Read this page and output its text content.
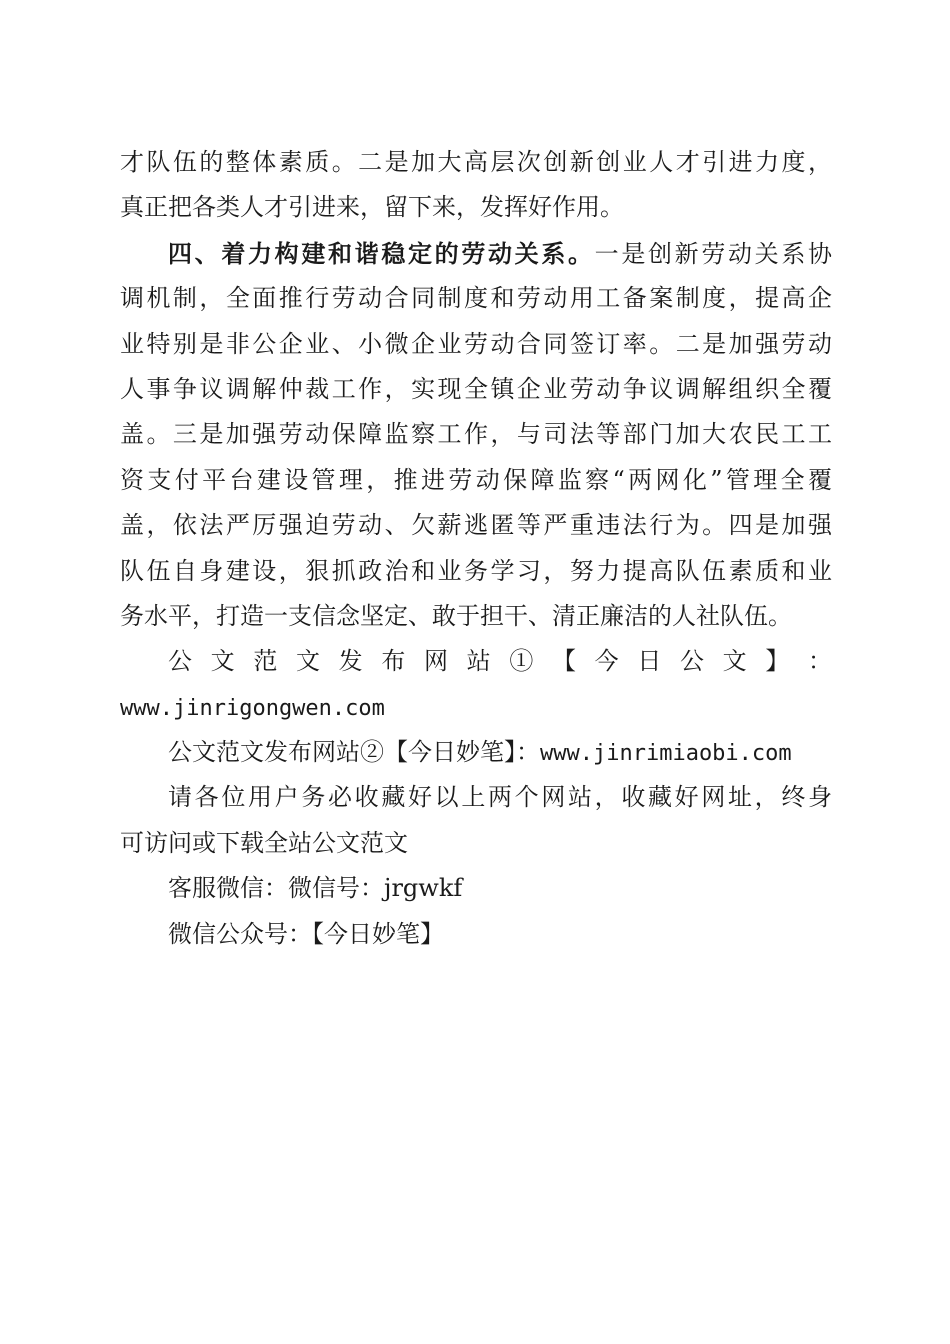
才队伍的整体素质。二是加大高层次创新创业人才引进力度，
真正把各类人才引进来，留下来，发挥好作用。
四、着力构建和谐稳定的劳动关系。一是创新劳动关系协
调机制，全面推行劳动合同制度和劳动用工备案制度，提高企
业特别是非公企业、小微企业劳动合同签订率。二是加强劳动
人事争议调解仲裁工作，实现全镇企业劳动争议调解组织全覆
盖。三是加强劳动保障监察工作，与司法等部门加大农民工工
资支付平台建设管理，推进劳动保障监察“两网化”管理全覆
盖，依法严厉强迫劳动、欠薪逃匿等严重违法行为。四是加强
队伍自身建设，狠抓政治和业务学习，努力提高队伍素质和业
务水平，打造一支信念坚定、敢于担干、清正廉洁的人社队伍。
公 文 范 文 发 布 网 站 ① 【 今 日 公 文 】 ：
www.jinrigongwen.com
公文范文发布网站②【今日妙笔】：www.jinrimiaobi.com
请各位用户务必收藏好以上两个网站，收藏好网址，终身
可访问或下载全站公文范文
客服微信：微信号：jrgwkf
微信公众号：【今日妙笔】
